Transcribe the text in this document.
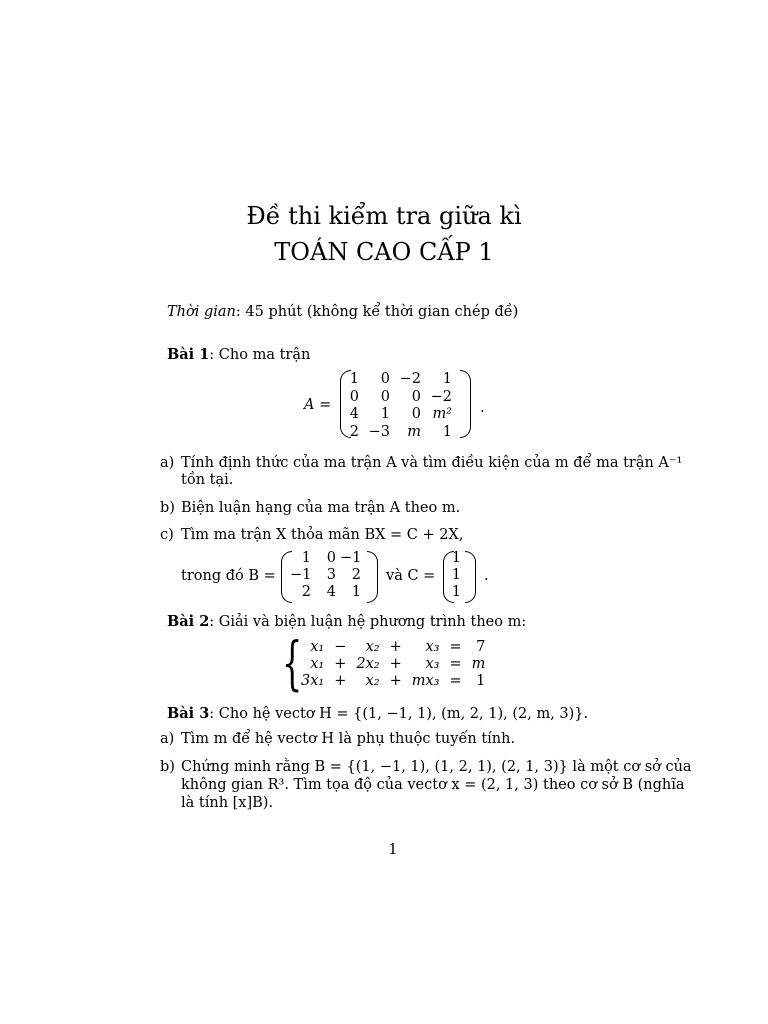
Đề thi kiểm tra giữa kì
TOÁN CAO CẤP 1
Thời gian: 45 phút (không kể thời gian chép đề)
Bài 1: Cho ma trận
A =
1	0 −2	1
0	0	0 −2
4	1	0 m²
2 −3	m	1
.
a) Tính định thức của ma trận A và tìm điều kiện của m để ma trận A⁻¹
tồn tại.
b) Biện luận hạng của ma trận A theo m.
c) Tìm ma trận X thỏa mãn BX = C + 2X,
trong đó B =
1	0 −1
−1	3	2
2	4	1
và C =
1
1
1
.
Bài 2: Giải và biện luận hệ phương trình theo m:
{ x₁	−	x₂	+	x₃	=	7
x₁	+	2x₂	+	x₃	=	m
3x₁	+	x₂	+	mx₃	=	1
Bài 3: Cho hệ vectơ H = {(1, −1, 1), (m, 2, 1), (2, m, 3)}.
a) Tìm m để hệ vectơ H là phụ thuộc tuyến tính.
b) Chứng minh rằng B = {(1, −1, 1), (1, 2, 1), (2, 1, 3)} là một cơ sở của
không gian R³. Tìm tọa độ của vectơ x = (2, 1, 3) theo cơ sở B (nghĩa
là tính [x]B).
1
